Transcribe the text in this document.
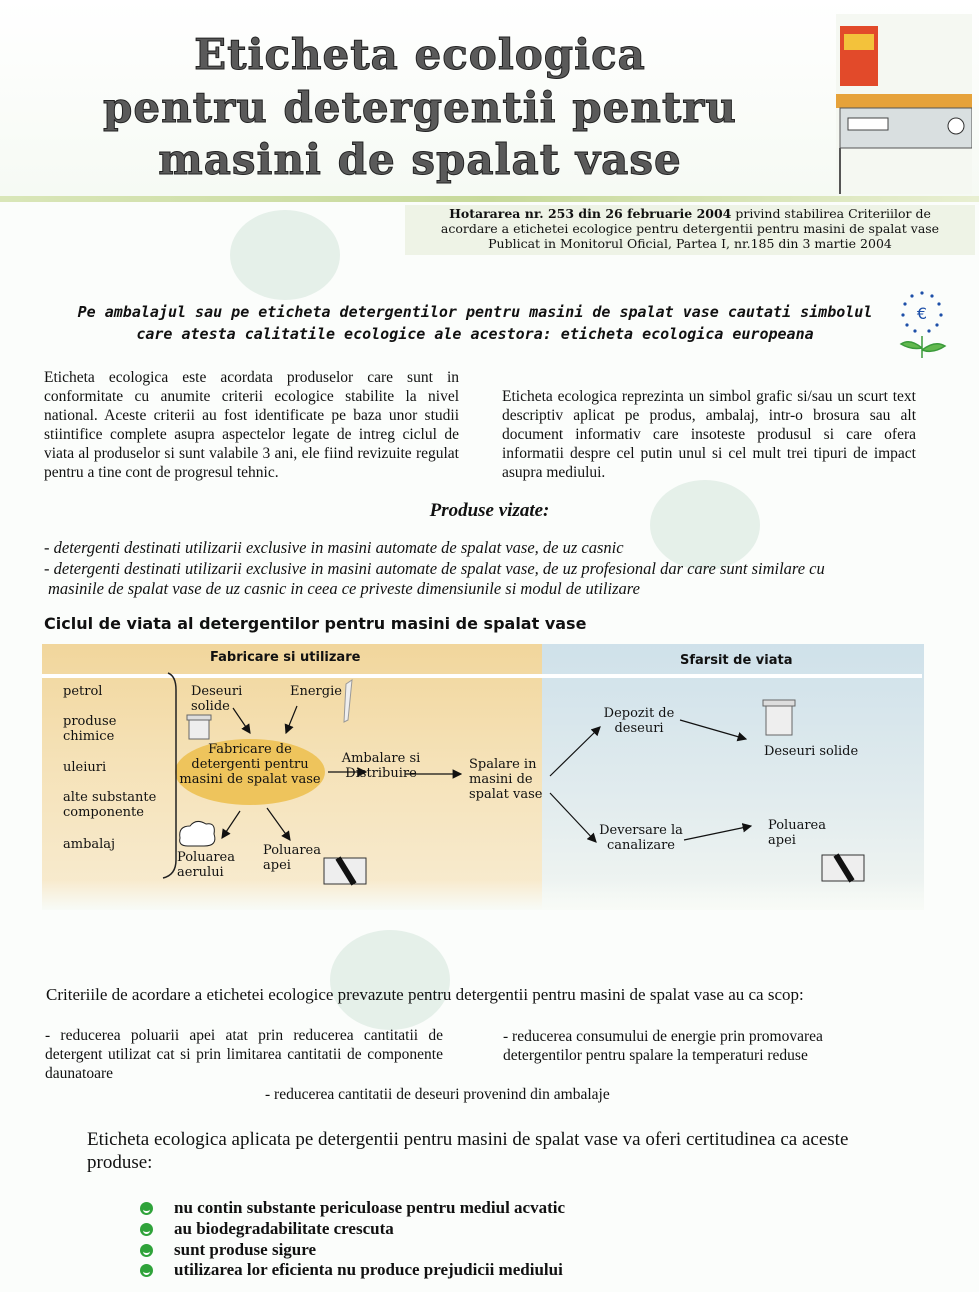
Eticheta ecologica
pentru detergentii pentru
masini de spalat vase
Hotararea nr. 253 din 26 februarie 2004 privind stabilirea Criteriilor de
acordare a etichetei ecologice pentru detergentii pentru masini de spalat vase
Publicat in Monitorul Oficial, Partea I, nr.185 din 3 martie 2004
Pe ambalajul sau pe eticheta detergentilor pentru masini de spalat vase cautati simbolul
care atesta calitatile ecologice ale acestora: eticheta ecologica europeana
€
Eticheta ecologica este acordata produselor care sunt in conformitate cu anumite criterii ecologice stabilite la nivel national. Aceste criterii au fost identificate pe baza unor studii stiintifice complete asupra aspectelor legate de intreg ciclul de viata al produselor si sunt valabile 3 ani, ele fiind revizuite regulat pentru a tine cont de progresul tehnic.
Eticheta ecologica reprezinta un simbol grafic si/sau un scurt text descriptiv aplicat pe produs, ambalaj, intr-o brosura sau alt document informativ care insoteste produsul si care ofera informatii despre cel putin unul si cel mult trei tipuri de impact asupra mediului.
Produse vizate:
- detergenti destinati utilizarii exclusive in masini automate de spalat vase, de uz casnic
- detergenti destinati utilizarii exclusive in masini automate de spalat vase, de uz profesional dar care sunt similare cu
masinile de spalat vase de uz casnic in ceea ce priveste dimensiunile si modul de utilizare
Ciclul de viata al detergentilor pentru masini de spalat vase
Fabricare si utilizare	Sfarsit de viata
petrol
produse chimice
uleiuri
alte substante componente
ambalaj
Deseuri solide
Energie
Fabricare de detergenti pentru masini de spalat vase
Ambalare si Distribuire
Spalare in masini de spalat vase
Poluarea aerului
Poluarea apei
Depozit de deseuri
Deseuri solide
Deversare la canalizare
Poluarea apei
Criteriile de acordare a etichetei ecologice prevazute pentru detergentii pentru masini de spalat vase au ca scop:
- reducerea poluarii apei atat prin reducerea cantitatii de detergent utilizat cat si prin limitarea cantitatii de componente daunatoare
- reducerea consumului de energie prin promovarea detergentilor pentru spalare la temperaturi reduse
- reducerea cantitatii de deseuri provenind din ambalaje
Eticheta ecologica aplicata pe detergentii pentru masini de spalat vase va oferi certitudinea ca aceste produse:
nu contin substante periculoase pentru mediul acvatic
au biodegradabilitate crescuta
sunt produse sigure
utilizarea lor eficienta nu produce prejudicii mediului
